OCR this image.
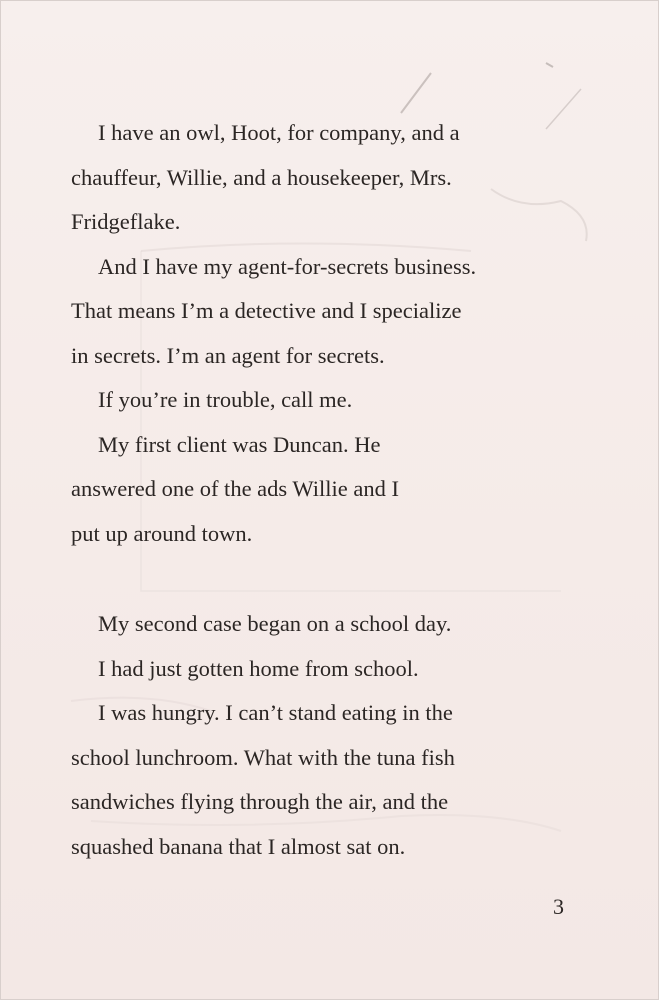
I have an owl, Hoot, for company, and a
chauffeur, Willie, and a housekeeper, Mrs.
Fridgeflake.

And I have my agent-for-secrets business.
That means I’m a detective and I specialize
in secrets. I’m an agent for secrets.

If you’re in trouble, call me.

My first client was Duncan. He
answered one of the ads Willie and I
put up around town.

My second case began on a school day.

I had just gotten home from school.

I was hungry. I can’t stand eating in the
school lunchroom. What with the tuna fish
sandwiches flying through the air, and the
squashed banana that I almost sat on.

3
